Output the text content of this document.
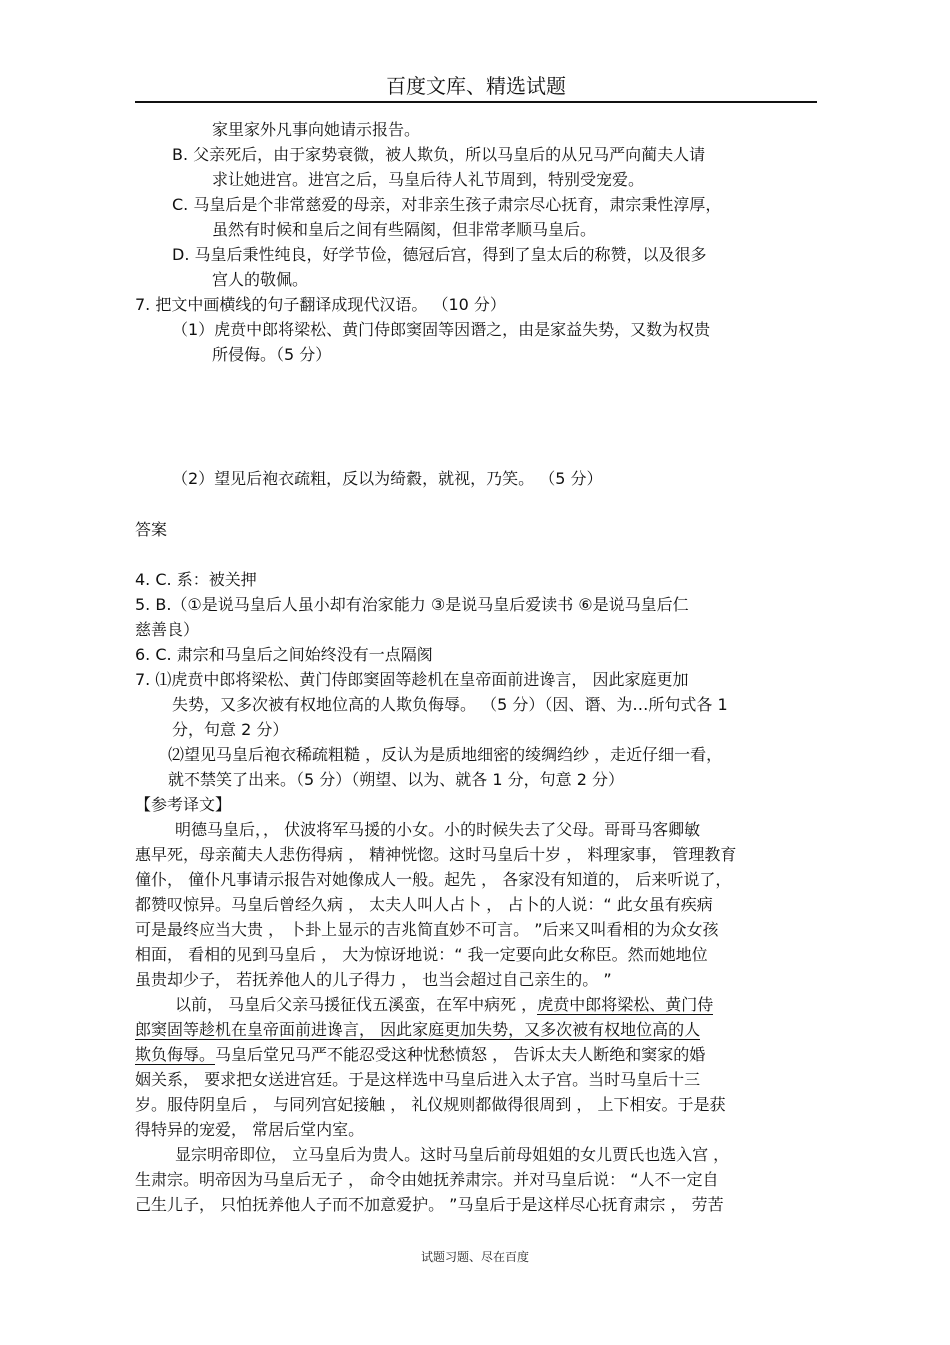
百度文库、精选试题
家里家外凡事向她请示报告。
B. 父亲死后，由于家势衰微，被人欺负，所以马皇后的从兄马严向蔺夫人请
求让她进宫。进宫之后，马皇后待人礼节周到，特别受宠爱。
C. 马皇后是个非常慈爱的母亲，对非亲生孩子肃宗尽心抚育，肃宗秉性淳厚，
虽然有时候和皇后之间有些隔阂，但非常孝顺马皇后。
D. 马皇后秉性纯良，好学节俭，德冠后宫，得到了皇太后的称赞，以及很多
宫人的敬佩。
7. 把文中画横线的句子翻译成现代汉语。 （10 分）
（1）虎贲中郎将梁松、黄门侍郎窦固等因谮之，由是家益失势，又数为权贵
所侵侮。（5 分）
（2）望见后袍衣疏粗，反以为绮縠，就视，乃笑。 （5 分）
答案
4. C. 系：被关押
5. B.（①是说马皇后人虽小却有治家能力 ③是说马皇后爱读书 ⑥是说马皇后仁
慈善良）
6. C. 肃宗和马皇后之间始终没有一点隔阂
7. ⑴虎贲中郎将梁松、黄门侍郎窦固等趁机在皇帝面前进谗言， 因此家庭更加
失势，又多次被有权地位高的人欺负侮辱。 （5 分）（因、谮、为…所句式各 1
分，句意 2 分）
⑵望见马皇后袍衣稀疏粗糙 ，反认为是质地细密的绫绸绉纱 ，走近仔细一看，
就不禁笑了出来。（5 分）（朔望、以为、就各 1 分，句意 2 分）
【参考译文】
明德马皇后，， 伏波将军马援的小女。小的时候失去了父母。哥哥马客卿敏
惠早死，母亲蔺夫人悲伤得病 ， 精神恍惚。这时马皇后十岁 ， 料理家事， 管理教育
僮仆， 僮仆凡事请示报告对她像成人一般。起先 ， 各家没有知道的， 后来听说了，
都赞叹惊异。马皇后曾经久病 ， 太夫人叫人占卜 ， 占卜的人说：“ 此女虽有疾病
可是最终应当大贵 ， 卜卦上显示的吉兆简直妙不可言。 ”后来又叫看相的为众女孩
相面， 看相的见到马皇后 ， 大为惊讶地说：“ 我一定要向此女称臣。然而她地位
虽贵却少子， 若抚养他人的儿子得力 ， 也当会超过自己亲生的。 ”
以前， 马皇后父亲马援征伐五溪蛮，在军中病死 ，虎贲中郎将梁松、黄门侍
郎窦固等趁机在皇帝面前进谗言， 因此家庭更加失势，又多次被有权地位高的人
欺负侮辱。马皇后堂兄马严不能忍受这种忧愁愤怒 ， 告诉太夫人断绝和窦家的婚
姻关系， 要求把女送进宫廷。于是这样选中马皇后进入太子宫。当时马皇后十三
岁。服侍阴皇后 ， 与同列宫妃接触 ， 礼仪规则都做得很周到 ， 上下相安。于是获
得特异的宠爱， 常居后堂内室。
显宗明帝即位， 立马皇后为贵人。这时马皇后前母姐姐的女儿贾氏也选入宫 ，
生肃宗。明帝因为马皇后无子 ， 命令由她抚养肃宗。并对马皇后说： “人不一定自
己生儿子， 只怕抚养他人子而不加意爱护。 ”马皇后于是这样尽心抚育肃宗 ， 劳苦
试题习题、尽在百度
